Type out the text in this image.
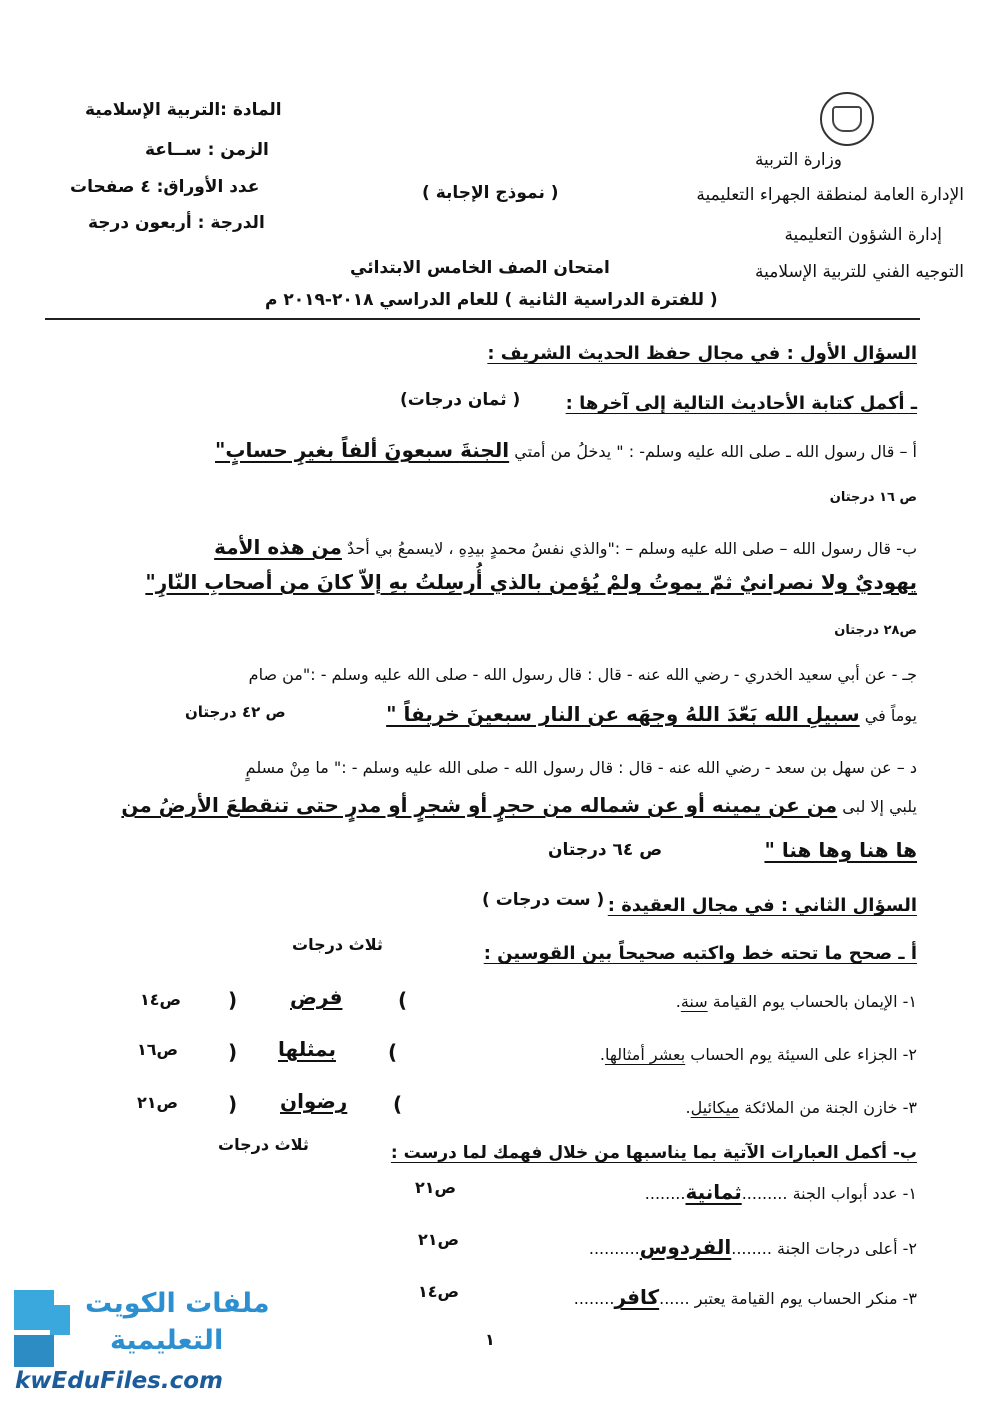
وزارة التربية
الإدارة العامة لمنطقة الجهراء التعليمية
إدارة الشؤون التعليمية
التوجيه الفني للتربية الإسلامية
المادة :التربية الإسلامية
الزمن : ســاعة
عدد الأوراق: ٤ صفحات
الدرجة : أربعون درجة
( نموذج الإجابة )
امتحان الصف الخامس الابتدائي
( للفترة الدراسية الثانية ) للعام الدراسي ٢٠١٨-٢٠١٩ م
السؤال الأول : في مجال حفظ الحديث الشريف :
ـ أكمل كتابة الأحاديث التالية إلى آخرها :
( ثمان درجات)
أ – قال رسول الله ـ صلى الله عليه وسلم- : " يدخلُ من أمتي الجنةَ سبعونَ ألفاً بغيرِ حسابٍ"
ص ١٦ درجتان
ب- قال رسول الله – صلى الله عليه وسلم – :"والذي نفسُ محمدٍ بيدِهِ ، لايسمعُ بي أحدٌ من هذه الأمة
يهوديٌ ولا نصرانيٌ ثمّ يموتُ ولمْ يُؤمن بالذي أُرسِلتُ بهِ إلاّ كانَ من أصحابِ النّارِ"
ص٢٨ درجتان
جـ - عن أبي سعيد الخدري - رضي الله عنه - قال : قال رسول الله - صلى الله عليه وسلم - :"من صام
يوماً في سبيلِ الله بَعّدَ اللهُ وجهَه عن النار سبعينَ خريفاً "
ص ٤٢ درجتان
د – عن سهل بن سعد - رضي الله عنه - قال : قال رسول الله - صلى الله عليه وسلم - :" ما مِنْ مسلمٍ
يلبي إلا لبى من عن يمينه أو عن شماله من حجرٍ أو شجرٍ أو مدرٍ حتى تنقطعَ الأرضُ من
ها هنا وها هنا "
ص ٦٤ درجتان
السؤال الثاني : في مجال العقيدة :
( ست درجات )
ثلاث درجات	أ ـ صحح ما تحته خط واكتبه صحيحاً بين القوسين :
١- الإيمان بالحساب يوم القيامة سنة.
(
فرض
)
ص١٤
٢- الجزاء على السيئة يوم الحساب بعشر أمثالها.
(
بمثلها
)
ص١٦
٣- خازن الجنة من الملائكة ميكائيل.
(
رضوان
)
ص٢١
ب- أكمل العبارات الآتية بما يناسبها من خلال فهمك لما درست :
ثلاث درجات
١- عدد أبواب الجنة .........ثمانية........
ص٢١
٢- أعلى درجات الجنة ........الفردوس..........
ص٢١
٣- منكر الحساب يوم القيامة يعتبر ......كافر........
ص١٤
١
ملفات الكويت
التعليمية
kwEduFiles.com
